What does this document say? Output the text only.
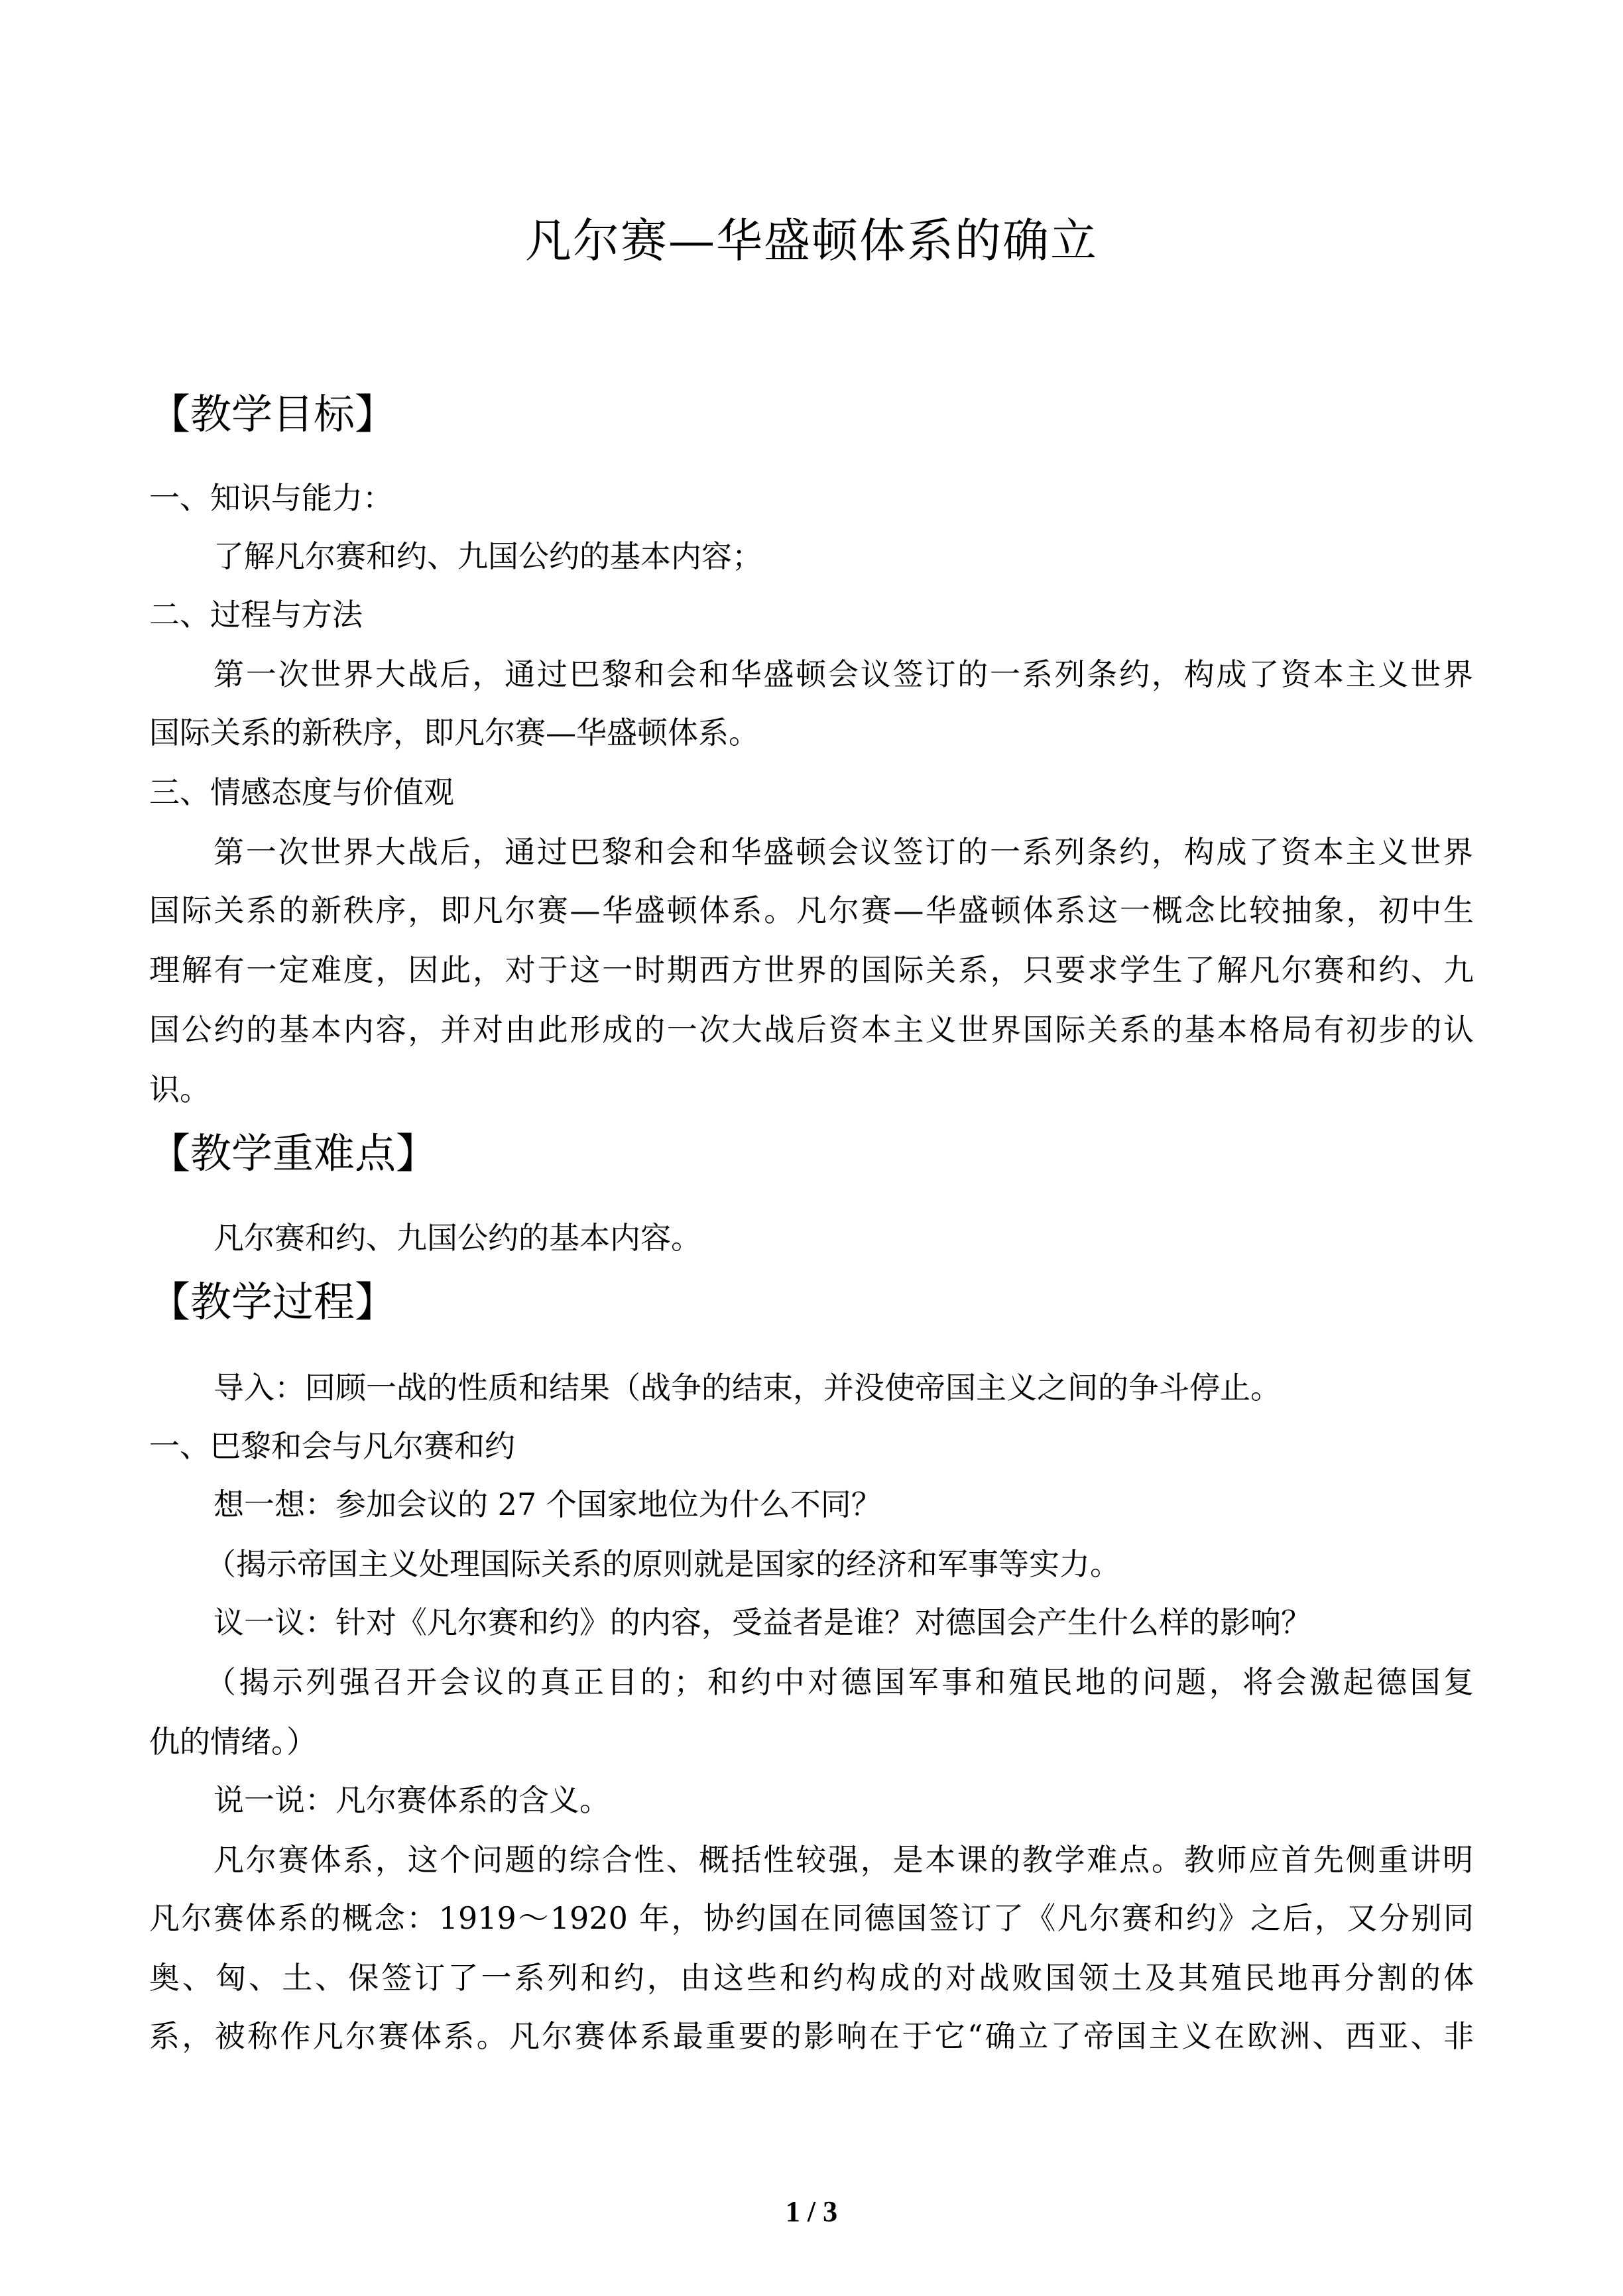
凡尔赛—华盛顿体系的确立
【教学目标】
一、知识与能力：
了解凡尔赛和约、九国公约的基本内容；
二、过程与方法
第一次世界大战后，通过巴黎和会和华盛顿会议签订的一系列条约，构成了资本主义世界
国际关系的新秩序，即凡尔赛—华盛顿体系。
三、情感态度与价值观
第一次世界大战后，通过巴黎和会和华盛顿会议签订的一系列条约，构成了资本主义世界
国际关系的新秩序，即凡尔赛—华盛顿体系。凡尔赛—华盛顿体系这一概念比较抽象，初中生
理解有一定难度，因此，对于这一时期西方世界的国际关系，只要求学生了解凡尔赛和约、九
国公约的基本内容，并对由此形成的一次大战后资本主义世界国际关系的基本格局有初步的认
识。
【教学重难点】
凡尔赛和约、九国公约的基本内容。
【教学过程】
导入：回顾一战的性质和结果（战争的结束，并没使帝国主义之间的争斗停止。
一、巴黎和会与凡尔赛和约
想一想：参加会议的 27 个国家地位为什么不同？
（揭示帝国主义处理国际关系的原则就是国家的经济和军事等实力。
议一议：针对《凡尔赛和约》的内容，受益者是谁？对德国会产生什么样的影响？
（揭示列强召开会议的真正目的；和约中对德国军事和殖民地的问题，将会激起德国复
仇的情绪。）
说一说：凡尔赛体系的含义。
凡尔赛体系，这个问题的综合性、概括性较强，是本课的教学难点。教师应首先侧重讲明
凡尔赛体系的概念：1919～1920 年，协约国在同德国签订了《凡尔赛和约》之后，又分别同
奥、匈、土、保签订了一系列和约，由这些和约构成的对战败国领土及其殖民地再分割的体
系，被称作凡尔赛体系。凡尔赛体系最重要的影响在于它“确立了帝国主义在欧洲、西亚、非
1 / 3
